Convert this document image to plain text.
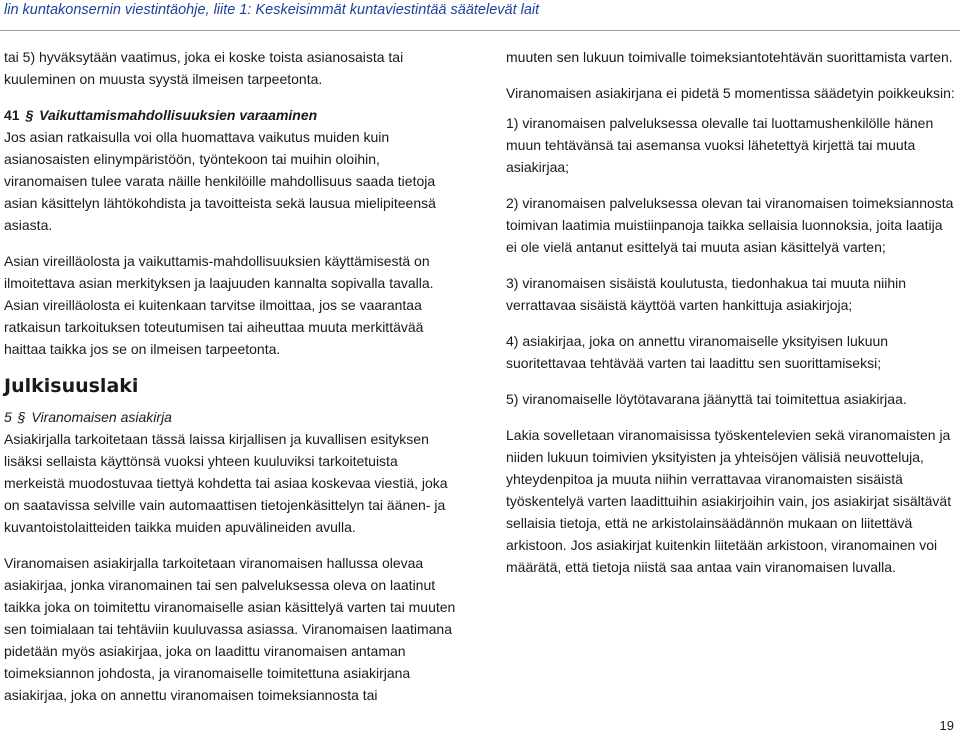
lin kuntakonsernin viestintäohje, liite 1: Keskeisimmät kuntaviestintää säätelevät lait

tai 5) hyväksytään vaatimus, joka ei koske toista asianosaista tai kuuleminen on muusta syystä ilmeisen tarpeetonta.

41 § Vaikuttamismahdollisuuksien varaaminen

Jos asian ratkaisulla voi olla huomattava vaikutus muiden kuin asianosaisten elinympäristöön, työntekoon tai muihin oloihin, viranomaisen tulee varata näille henkilöille mahdollisuus saada tietoja asian käsittelyn lähtökohdista ja tavoitteista sekä lausua mielipiteensä asiasta.

Asian vireilläolosta ja vaikuttamis-mahdollisuuksien käyttämisestä on ilmoitettava asian merkityksen ja laajuuden kannalta sopivalla tavalla. Asian vireilläolosta ei kuitenkaan tarvitse ilmoittaa, jos se vaarantaa ratkaisun tarkoituksen toteutumisen tai aiheuttaa muuta merkittävää haittaa taikka jos se on ilmeisen tarpeetonta.

Julkisuuslaki

5 § Viranomaisen asiakirja

Asiakirjalla tarkoitetaan tässä laissa kirjallisen ja kuvallisen esityksen lisäksi sellaista käyttönsä vuoksi yhteen kuuluviksi tarkoitetuista merkeistä muodostuvaa tiettyä kohdetta tai asiaa koskevaa viestiä, joka on saatavissa selville vain automaattisen tietojenkäsittelyn tai äänen- ja kuvantoistolaitteiden taikka muiden apuvälineiden avulla.

Viranomaisen asiakirjalla tarkoitetaan viranomaisen hallussa olevaa asiakirjaa, jonka viranomainen tai sen palveluksessa oleva on laatinut taikka joka on toimitettu viranomaiselle asian käsittelyä varten tai muuten sen toimialaan tai tehtäviin kuuluvassa asiassa. Viranomaisen laatimana pidetään myös asiakirjaa, joka on laadittu viranomaisen antaman toimeksiannon johdosta, ja viranomaiselle toimitettuna asiakirjana asiakirjaa, joka on annettu viranomaisen toimeksiannosta tai

muuten sen lukuun toimivalle toimeksiantotehtävän suorittamista varten.

Viranomaisen asiakirjana ei pidetä 5 momentissa säädetyin poikkeuksin:

1) viranomaisen palveluksessa olevalle tai luottamushenkilölle hänen muun tehtävänsä tai asemansa vuoksi lähetettyä kirjettä tai muuta asiakirjaa;

2) viranomaisen palveluksessa olevan tai viranomaisen toimeksiannosta toimivan laatimia muistiinpanoja taikka sellaisia luonnoksia, joita laatija ei ole vielä antanut esittelyä tai muuta asian käsittelyä varten;

3) viranomaisen sisäistä koulutusta, tiedonhakua tai muuta niihin verrattavaa sisäistä käyttöä varten hankittuja asiakirjoja;

4) asiakirjaa, joka on annettu viranomaiselle yksityisen lukuun suoritettavaa tehtävää varten tai laadittu sen suorittamiseksi;

5) viranomaiselle löytötavarana jäänyttä tai toimitettua asiakirjaa.

Lakia sovelletaan viranomaisissa työskentelevien sekä viranomaisten ja niiden lukuun toimivien yksityisten ja yhteisöjen välisiä neuvotteluja, yhteydenpitoa ja muuta niihin verrattavaa viranomaisten sisäistä työskentelyä varten laadittuihin asiakirjoihin vain, jos asiakirjat sisältävät sellaisia tietoja, että ne arkistolainsäädännön mukaan on liitettävä arkistoon. Jos asiakirjat kuitenkin liitetään arkistoon, viranomainen voi määrätä, että tietoja niistä saa antaa vain viranomaisen luvalla.

19
